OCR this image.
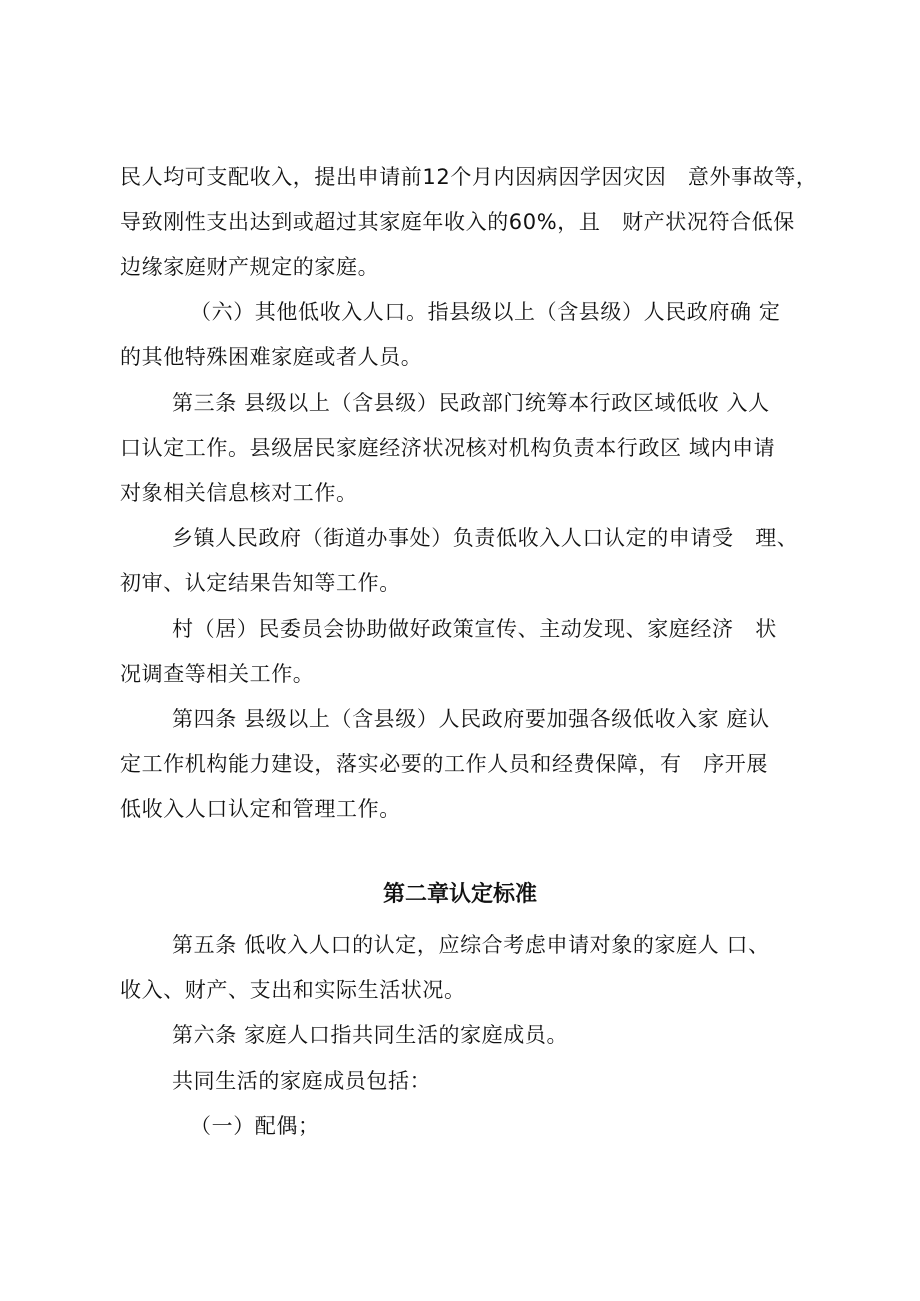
民人均可支配收入，提出申请前12个月内因病因学因灾因　意外事故等，
导致刚性支出达到或超过其家庭年收入的60%，且　财产状况符合低保
边缘家庭财产规定的家庭。
（六）其他低收入人口。指县级以上（含县级）人民政府确 定
的其他特殊困难家庭或者人员。
第三条 县级以上（含县级）民政部门统筹本行政区域低收 入人
口认定工作。县级居民家庭经济状况核对机构负责本行政区 域内申请
对象相关信息核对工作。
乡镇人民政府（街道办事处）负责低收入人口认定的申请受　理、
初审、认定结果告知等工作。
村（居）民委员会协助做好政策宣传、主动发现、家庭经济　状
况调查等相关工作。
第四条 县级以上（含县级）人民政府要加强各级低收入家 庭认
定工作机构能力建设，落实必要的工作人员和经费保障，有　序开展
低收入人口认定和管理工作。
第二章认定标准
第五条 低收入人口的认定，应综合考虑申请对象的家庭人 口、
收入、财产、支出和实际生活状况。
第六条 家庭人口指共同生活的家庭成员。
共同生活的家庭成员包括：
（一）配偶；
